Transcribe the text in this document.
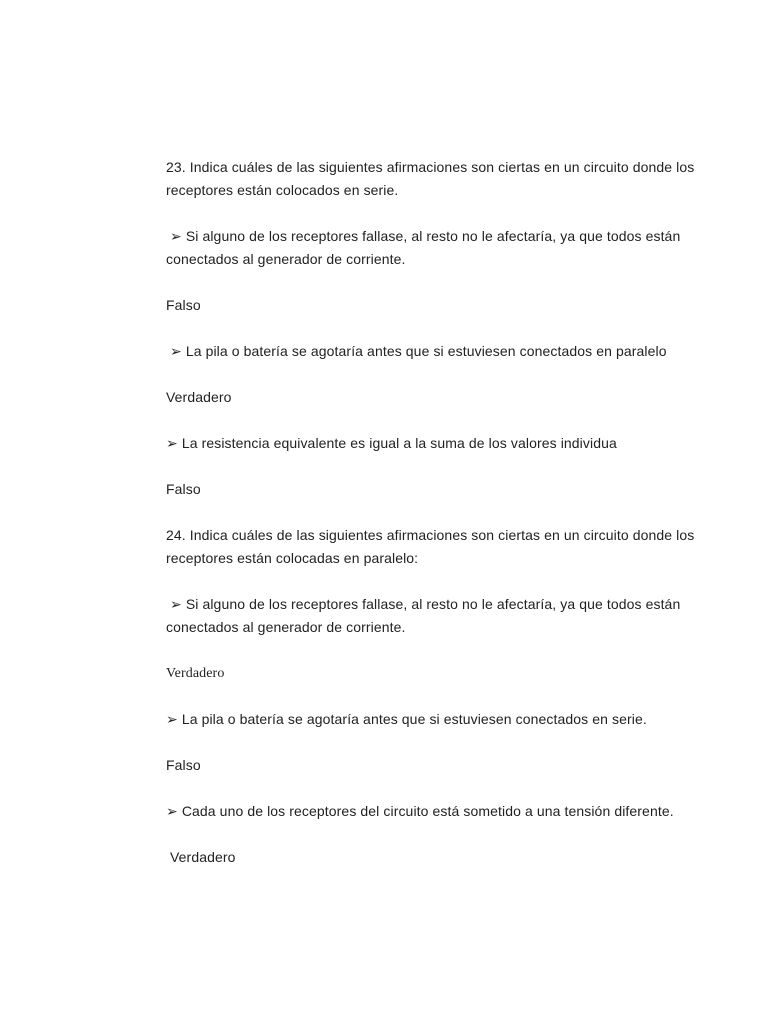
23. Indica cuáles de las siguientes afirmaciones son ciertas en un circuito donde los receptores están colocados en serie.

➢ Si alguno de los receptores fallase, al resto no le afectaría, ya que todos están conectados al generador de corriente.

Falso

➢ La pila o batería se agotaría antes que si estuviesen conectados en paralelo

Verdadero

➢ La resistencia equivalente es igual a la suma de los valores individua

Falso

24. Indica cuáles de las siguientes afirmaciones son ciertas en un circuito donde los receptores están colocadas en paralelo:

➢ Si alguno de los receptores fallase, al resto no le afectaría, ya que todos están conectados al generador de corriente.

Verdadero

➢ La pila o batería se agotaría antes que si estuviesen conectados en serie.

Falso

➢ Cada uno de los receptores del circuito está sometido a una tensión diferente.

Verdadero
